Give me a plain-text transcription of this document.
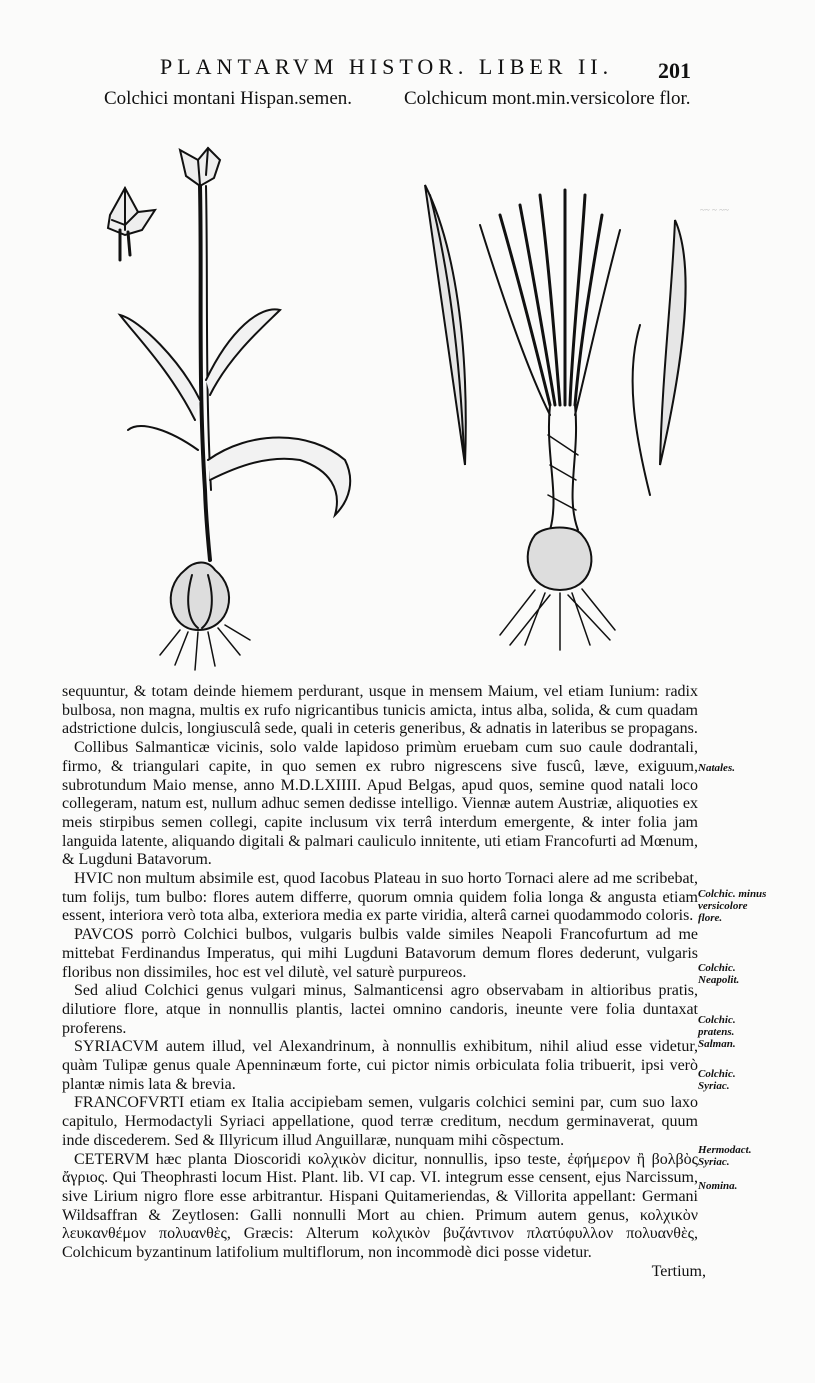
PLANTARVM HISTOR. LIBER II. 201
Colchici montani Hispan.semen.	Colchicum mont.min.versicolore flor.
~~ ~ ~~

sequuntur, & totam deinde hiemem perdurant, usque in mensem Maium, vel etiam Iunium: radix bulbosa, non magna, multis ex rufo nigricantibus tunicis amicta, intus alba, solida, & cum quadam adstrictione dulcis, longiusculâ sede, quali in ceteris generibus, & adnatis in lateribus se propagans.

Collibus Salmanticæ vicinis, solo valde lapidoso primùm eruebam cum suo caule dodrantali, firmo, & triangulari capite, in quo semen ex rubro nigrescens sive fuscû, læve, exiguum, subrotundum Maio mense, anno M.D.LXIIII. Apud Belgas, apud quos, semine quod natali loco collegeram, natum est, nullum adhuc semen dedisse intelligo. Viennæ autem Austriæ, aliquoties ex meis stirpibus semen collegi, capite inclusum vix terrâ interdum emergente, & inter folia jam languida latente, aliquando digitali & palmari cauliculo innitente, uti etiam Francofurti ad Mœnum, & Lugduni Batavorum.

HVIC non multum absimile est, quod Iacobus Plateau in suo horto Tornaci alere ad me scribebat, tum folijs, tum bulbo: flores autem differre, quorum omnia quidem folia longa & angusta etiam essent, interiora verò tota alba, exteriora media ex parte viridia, alterâ carnei quodammodo coloris.

PAVCOS porrò Colchici bulbos, vulgaris bulbis valde similes Neapoli Francofurtum ad me mittebat Ferdinandus Imperatus, qui mihi Lugduni Batavorum demum flores dederunt, vulgaris floribus non dissimiles, hoc est vel dilutè, vel saturè purpureos.

Sed aliud Colchici genus vulgari minus, Salmanticensi agro observabam in altioribus pratis, dilutiore flore, atque in nonnullis plantis, lactei omnino candoris, ineunte vere folia duntaxat proferens.

SYRIACVM autem illud, vel Alexandrinum, à nonnullis exhibitum, nihil aliud esse videtur, quàm Tulipæ genus quale Apenninæum forte, cui pictor nimis orbiculata folia tribuerit, ipsi verò plantæ nimis lata & brevia.

FRANCOFVRTI etiam ex Italia accipiebam semen, vulgaris colchici semini par, cum suo laxo capitulo, Hermodactyli Syriaci appellatione, quod terræ creditum, necdum germinaverat, quum inde discederem. Sed & Illyricum illud Anguillaræ, nunquam mihi cõspectum.

CETERVM hæc planta Dioscoridi κολχικὸν dicitur, nonnullis, ipso teste, ἐφήμερον ἢ βολβὸς ἄγριος. Qui Theophrasti locum Hist. Plant. lib. VI cap. VI. integrum esse censent, ejus Narcissum, sive Lirium nigro flore esse arbitrantur. Hispani Quitameriendas, & Villorita appellant: Germani Wildsaffran & Zeytlosen: Galli nonnulli Mort au chien. Primum autem genus, κολχικὸν λευκανθέμον πολυανθὲς, Græcis: Alterum κολχικὸν βυζάντινον πλατύφυλλον πολυανθὲς, Colchicum byzantinum latifolium multiflorum, non incommodè dici posse videtur.

Tertium,
Natales.
Colchic. minus versicolore flore.
Colchic. Neapolit.
Colchic. pratens. Salman.
Colchic. Syriac.
Hermodact. Syriac.
Nomina.
